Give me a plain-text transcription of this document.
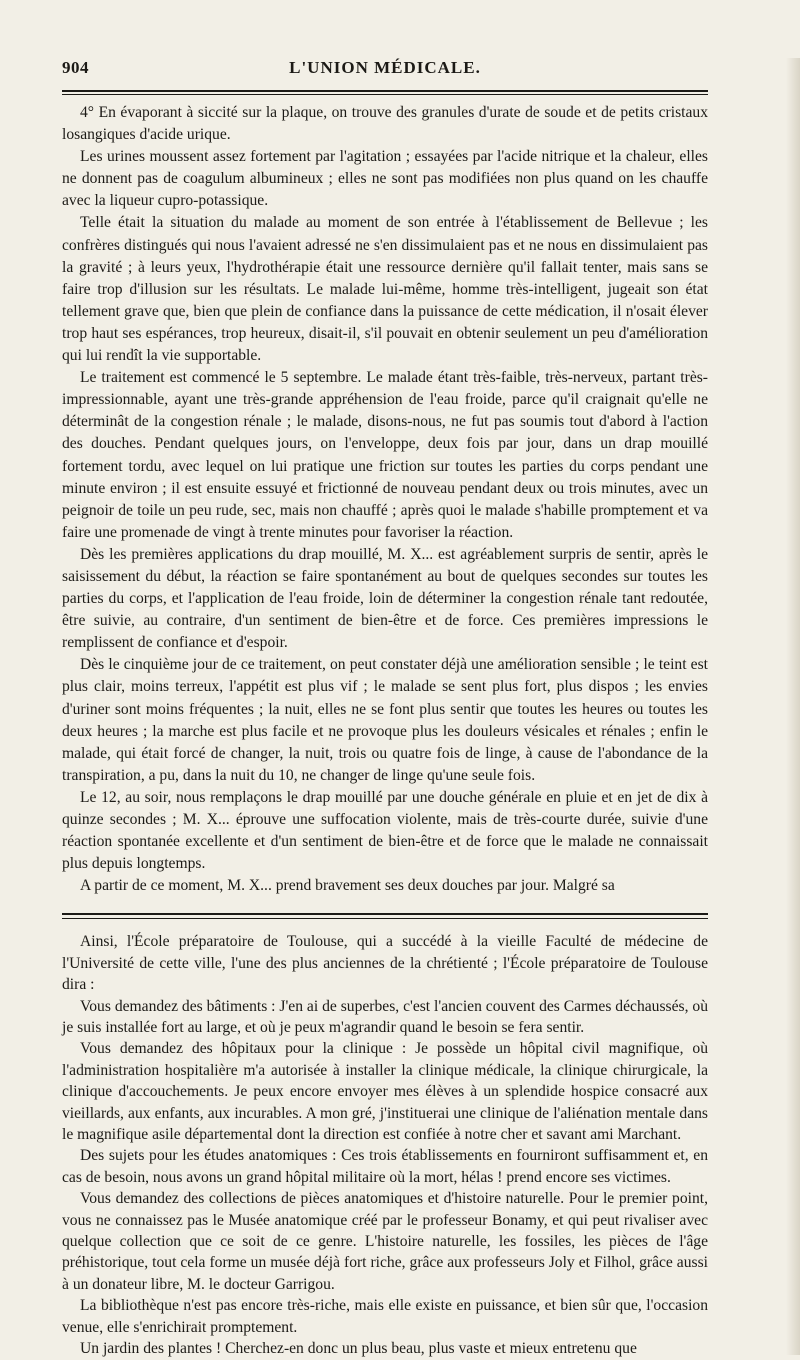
904	L'UNION MÉDICALE.

4° En évaporant à siccité sur la plaque, on trouve des granules d'urate de soude et de petits cristaux losangiques d'acide urique.

Les urines moussent assez fortement par l'agitation ; essayées par l'acide nitrique et la chaleur, elles ne donnent pas de coagulum albumineux ; elles ne sont pas modifiées non plus quand on les chauffe avec la liqueur cupro-potassique.

Telle était la situation du malade au moment de son entrée à l'établissement de Bellevue ; les confrères distingués qui nous l'avaient adressé ne s'en dissimulaient pas et ne nous en dissimulaient pas la gravité ; à leurs yeux, l'hydrothérapie était une ressource dernière qu'il fallait tenter, mais sans se faire trop d'illusion sur les résultats. Le malade lui-même, homme très-intelligent, jugeait son état tellement grave que, bien que plein de confiance dans la puissance de cette médication, il n'osait élever trop haut ses espérances, trop heureux, disait-il, s'il pouvait en obtenir seulement un peu d'amélioration qui lui rendît la vie supportable.

Le traitement est commencé le 5 septembre. Le malade étant très-faible, très-nerveux, partant très-impressionnable, ayant une très-grande appréhension de l'eau froide, parce qu'il craignait qu'elle ne déterminât de la congestion rénale ; le malade, disons-nous, ne fut pas soumis tout d'abord à l'action des douches. Pendant quelques jours, on l'enveloppe, deux fois par jour, dans un drap mouillé fortement tordu, avec lequel on lui pratique une friction sur toutes les parties du corps pendant une minute environ ; il est ensuite essuyé et frictionné de nouveau pendant deux ou trois minutes, avec un peignoir de toile un peu rude, sec, mais non chauffé ; après quoi le malade s'habille promptement et va faire une promenade de vingt à trente minutes pour favoriser la réaction.

Dès les premières applications du drap mouillé, M. X... est agréablement surpris de sentir, après le saisissement du début, la réaction se faire spontanément au bout de quelques secondes sur toutes les parties du corps, et l'application de l'eau froide, loin de déterminer la congestion rénale tant redoutée, être suivie, au contraire, d'un sentiment de bien-être et de force. Ces premières impressions le remplissent de confiance et d'espoir.

Dès le cinquième jour de ce traitement, on peut constater déjà une amélioration sensible ; le teint est plus clair, moins terreux, l'appétit est plus vif ; le malade se sent plus fort, plus dispos ; les envies d'uriner sont moins fréquentes ; la nuit, elles ne se font plus sentir que toutes les heures ou toutes les deux heures ; la marche est plus facile et ne provoque plus les douleurs vésicales et rénales ; enfin le malade, qui était forcé de changer, la nuit, trois ou quatre fois de linge, à cause de l'abondance de la transpiration, a pu, dans la nuit du 10, ne changer de linge qu'une seule fois.

Le 12, au soir, nous remplaçons le drap mouillé par une douche générale en pluie et en jet de dix à quinze secondes ; M. X... éprouve une suffocation violente, mais de très-courte durée, suivie d'une réaction spontanée excellente et d'un sentiment de bien-être et de force que le malade ne connaissait plus depuis longtemps.

A partir de ce moment, M. X... prend bravement ses deux douches par jour. Malgré sa

Ainsi, l'École préparatoire de Toulouse, qui a succédé à la vieille Faculté de médecine de l'Université de cette ville, l'une des plus anciennes de la chrétienté ; l'École préparatoire de Toulouse dira :

Vous demandez des bâtiments : J'en ai de superbes, c'est l'ancien couvent des Carmes déchaussés, où je suis installée fort au large, et où je peux m'agrandir quand le besoin se fera sentir.

Vous demandez des hôpitaux pour la clinique : Je possède un hôpital civil magnifique, où l'administration hospitalière m'a autorisée à installer la clinique médicale, la clinique chirurgicale, la clinique d'accouchements. Je peux encore envoyer mes élèves à un splendide hospice consacré aux vieillards, aux enfants, aux incurables. A mon gré, j'instituerai une clinique de l'aliénation mentale dans le magnifique asile départemental dont la direction est confiée à notre cher et savant ami Marchant.

Des sujets pour les études anatomiques : Ces trois établissements en fourniront suffisamment et, en cas de besoin, nous avons un grand hôpital militaire où la mort, hélas ! prend encore ses victimes.

Vous demandez des collections de pièces anatomiques et d'histoire naturelle. Pour le premier point, vous ne connaissez pas le Musée anatomique créé par le professeur Bonamy, et qui peut rivaliser avec quelque collection que ce soit de ce genre. L'histoire naturelle, les fossiles, les pièces de l'âge préhistorique, tout cela forme un musée déjà fort riche, grâce aux professeurs Joly et Filhol, grâce aussi à un donateur libre, M. le docteur Garrigou.

La bibliothèque n'est pas encore très-riche, mais elle existe en puissance, et bien sûr que, l'occasion venue, elle s'enrichirait promptement.

Un jardin des plantes ! Cherchez-en donc un plus beau, plus vaste et mieux entretenu que
